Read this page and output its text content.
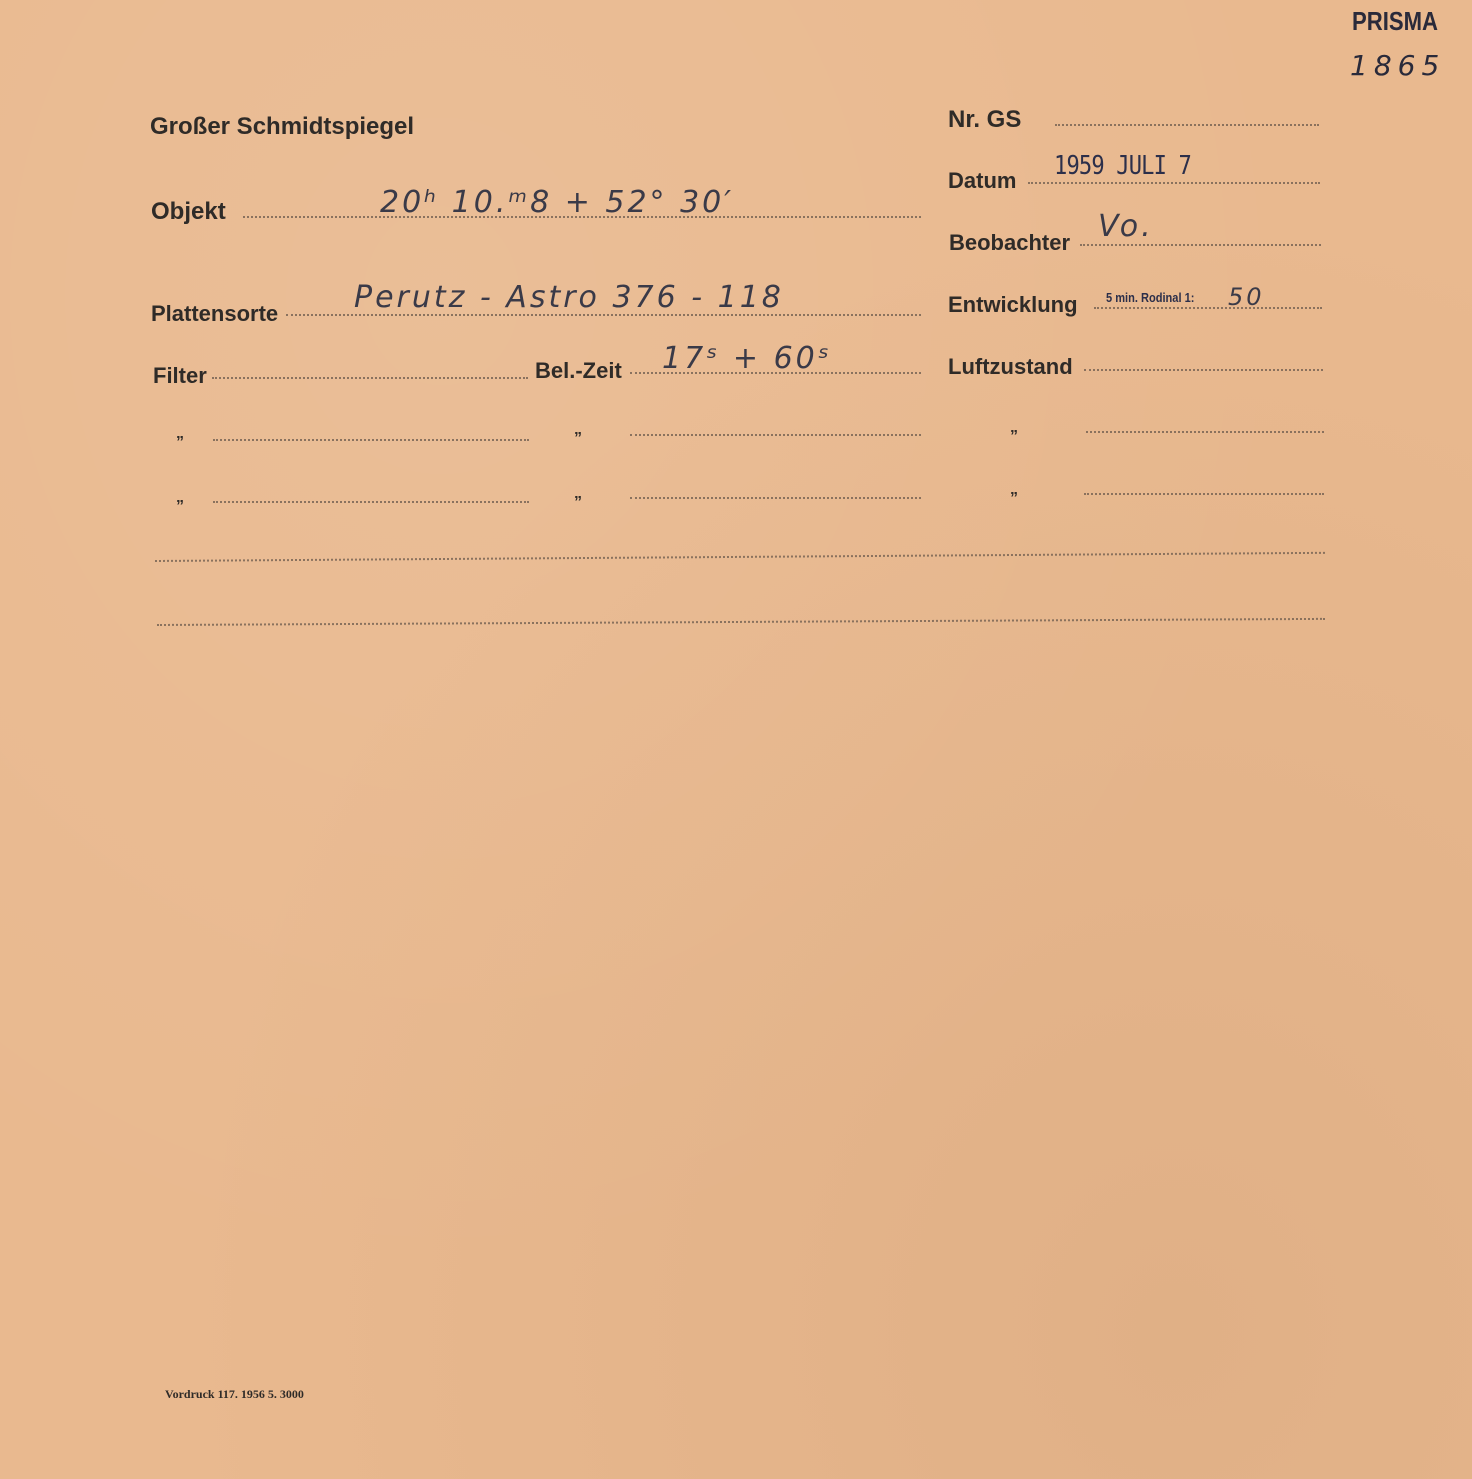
PRISMA
1865
Großer Schmidtspiegel	Nr. GS
Datum 1959 JULI 7
Objekt	20ʰ 10.ᵐ8 + 52° 30′
Beobachter Vo.
Plattensorte	Perutz - Astro 376 - 118	Entwicklung 5 min. Rodinal 1: 50
Filter	Bel.-Zeit 17ˢ + 60ˢ	Luftzustand
„	„	„
„	„	„
Vordruck 117. 1956 5. 3000
